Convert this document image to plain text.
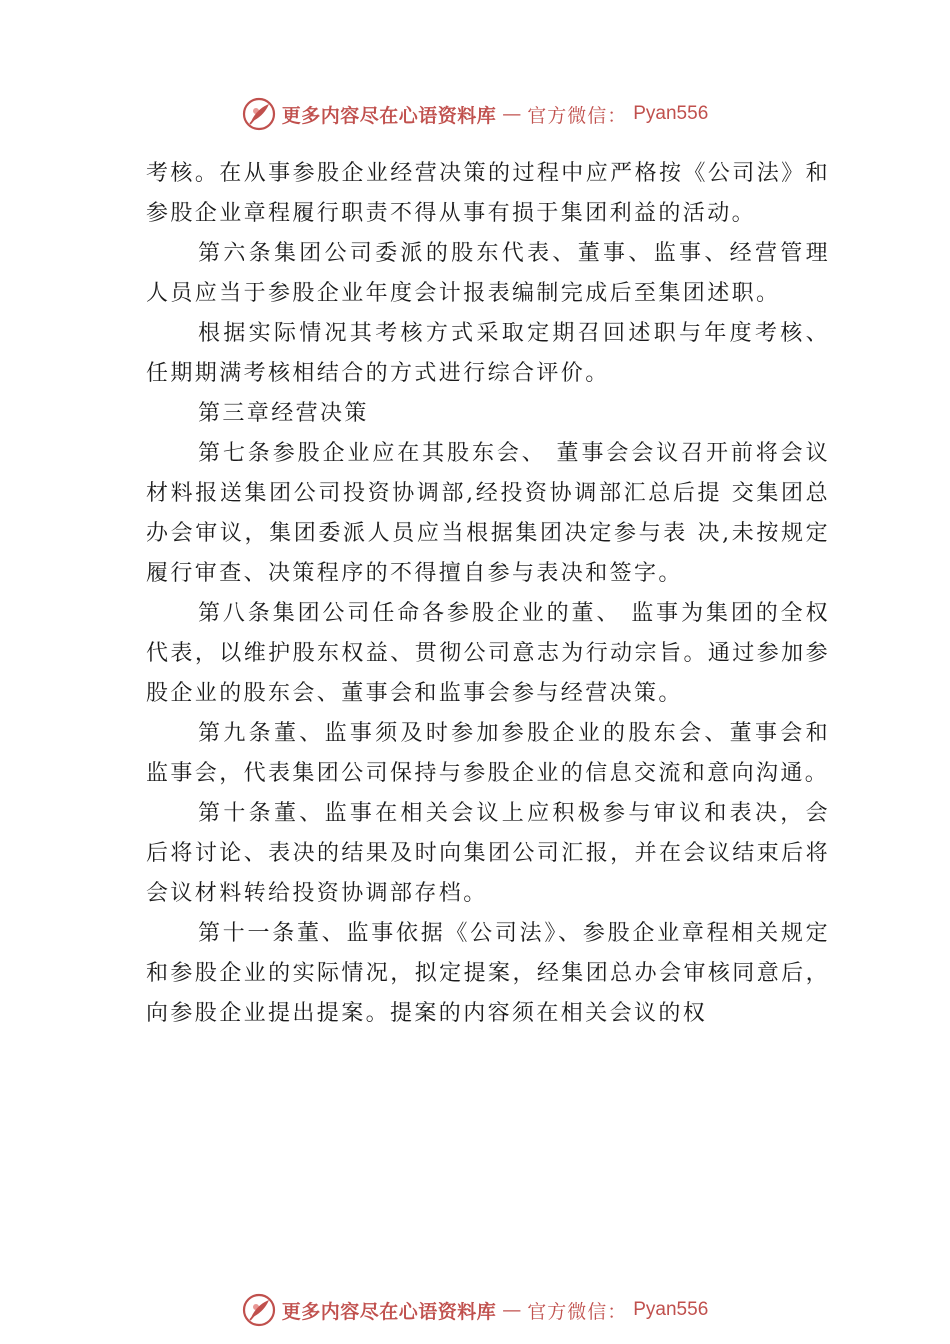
更多内容尽在心语资料库 — 官方微信： Pyan556

考核。在从事参股企业经营决策的过程中应严格按《公司法》和参股企业章程履行职责不得从事有损于集团利益的活动。

第六条集团公司委派的股东代表、董事、监事、经营管理人员应当于参股企业年度会计报表编制完成后至集团述职。

根据实际情况其考核方式采取定期召回述职与年度考核、任期期满考核相结合的方式进行综合评价。

第三章经营决策

第七条参股企业应在其股东会、 董事会会议召开前将会议材料报送集团公司投资协调部,经投资协调部汇总后提 交集团总办会审议，集团委派人员应当根据集团决定参与表 决,未按规定履行审查、决策程序的不得擅自参与表决和签字。

第八条集团公司任命各参股企业的董、 监事为集团的全权代表，以维护股东权益、贯彻公司意志为行动宗旨。通过参加参股企业的股东会、董事会和监事会参与经营决策。

第九条董、监事须及时参加参股企业的股东会、董事会和监事会，代表集团公司保持与参股企业的信息交流和意向沟通。

第十条董、监事在相关会议上应积极参与审议和表决，会后将讨论、表决的结果及时向集团公司汇报，并在会议结束后将会议材料转给投资协调部存档。

第十一条董、监事依据《公司法》、参股企业章程相关规定和参股企业的实际情况，拟定提案，经集团总办会审核同意后，向参股企业提出提案。提案的内容须在相关会议的权

更多内容尽在心语资料库 — 官方微信： Pyan556
